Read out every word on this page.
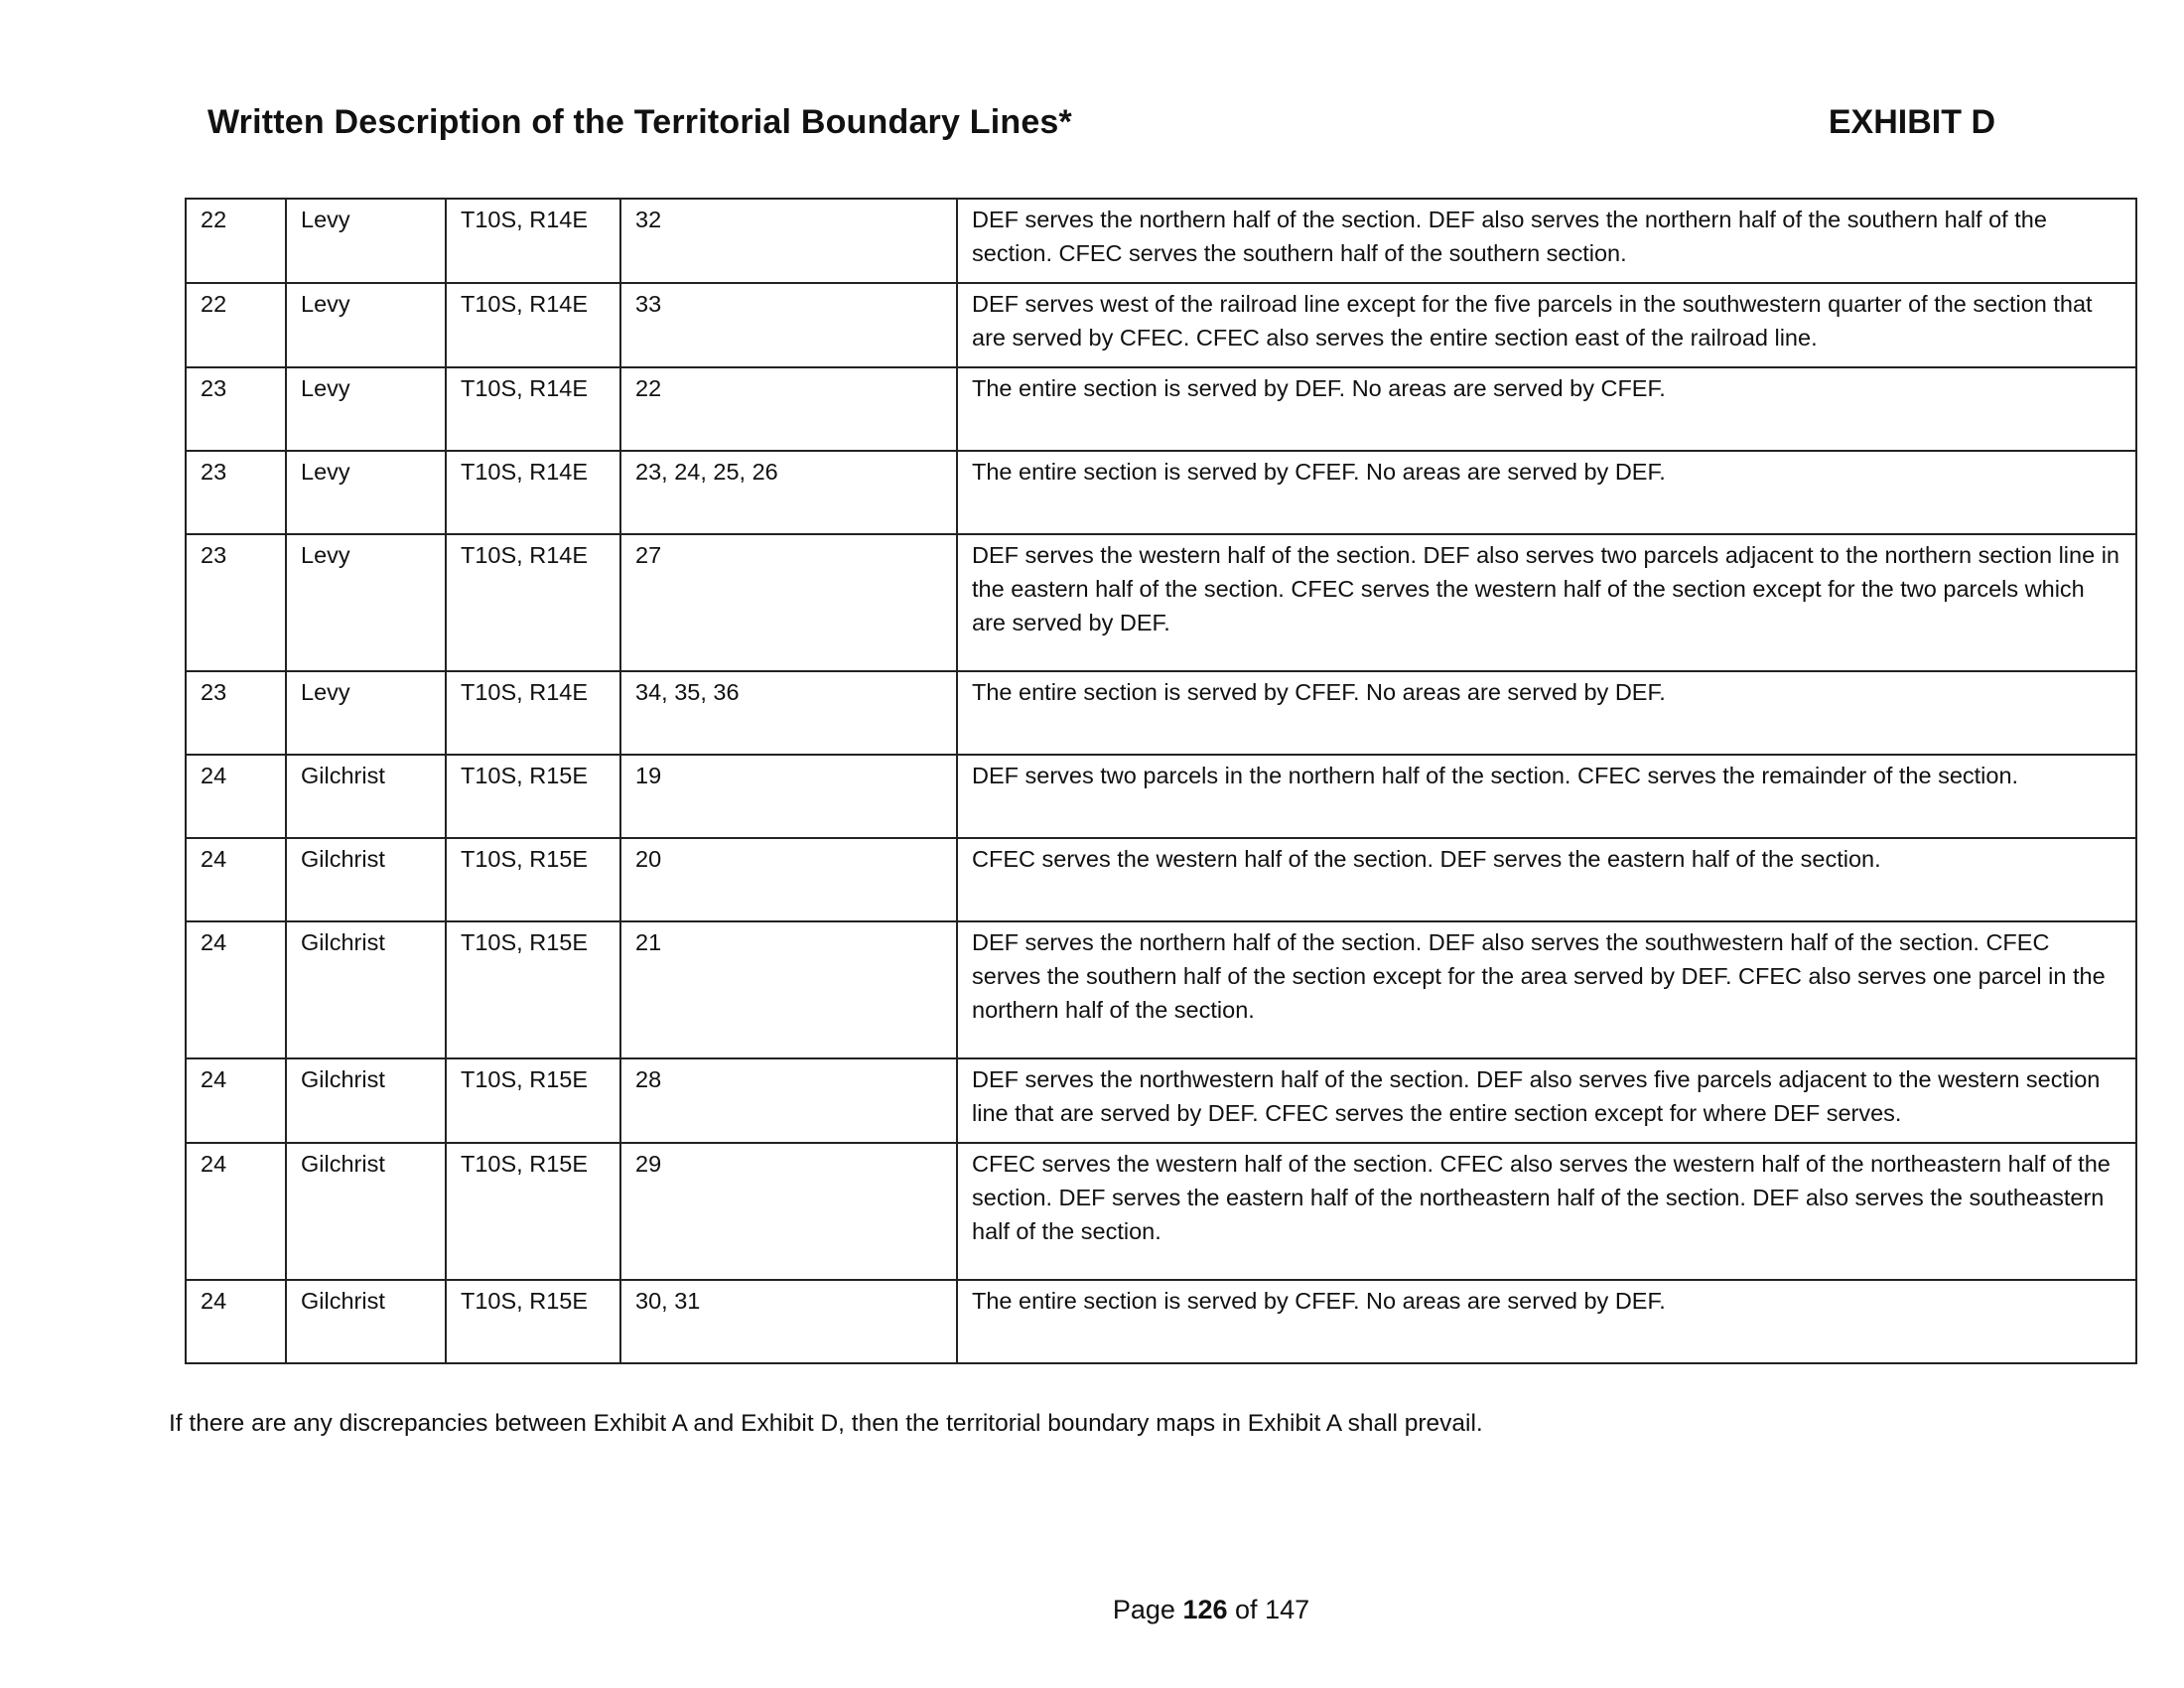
Written Description of the Territorial Boundary Lines*	EXHIBIT D
22	Levy	T10S, R14E	32	DEF serves the northern half of the section. DEF also serves the northern half of the southern half of the section. CFEC serves the southern half of the southern section.
22	Levy	T10S, R14E	33	DEF serves west of the railroad line except for the five parcels in the southwestern quarter of the section that are served by CFEC. CFEC also serves the entire section east of the railroad line.
23	Levy	T10S, R14E	22	The entire section is served by DEF. No areas are served by CFEF.
23	Levy	T10S, R14E	23, 24, 25, 26	The entire section is served by CFEF. No areas are served by DEF.
23	Levy	T10S, R14E	27	DEF serves the western half of the section. DEF also serves two parcels adjacent to the northern section line in the eastern half of the section. CFEC serves the western half of the section except for the two parcels which are served by DEF.
23	Levy	T10S, R14E	34, 35, 36	The entire section is served by CFEF. No areas are served by DEF.
24	Gilchrist	T10S, R15E	19	DEF serves two parcels in the northern half of the section. CFEC serves the remainder of the section.
24	Gilchrist	T10S, R15E	20	CFEC serves the western half of the section. DEF serves the eastern half of the section.
24	Gilchrist	T10S, R15E	21	DEF serves the northern half of the section. DEF also serves the southwestern half of the section. CFEC serves the southern half of the section except for the area served by DEF. CFEC also serves one parcel in the northern half of the section.
24	Gilchrist	T10S, R15E	28	DEF serves the northwestern half of the section. DEF also serves five parcels adjacent to the western section line that are served by DEF. CFEC serves the entire section except for where DEF serves.
24	Gilchrist	T10S, R15E	29	CFEC serves the western half of the section. CFEC also serves the western half of the northeastern half of the section. DEF serves the eastern half of the northeastern half of the section. DEF also serves the southeastern half of the section.
24	Gilchrist	T10S, R15E	30, 31	The entire section is served by CFEF. No areas are served by DEF.
If there are any discrepancies between Exhibit A and Exhibit D, then the territorial boundary maps in Exhibit A shall prevail.
Page 126 of 147
